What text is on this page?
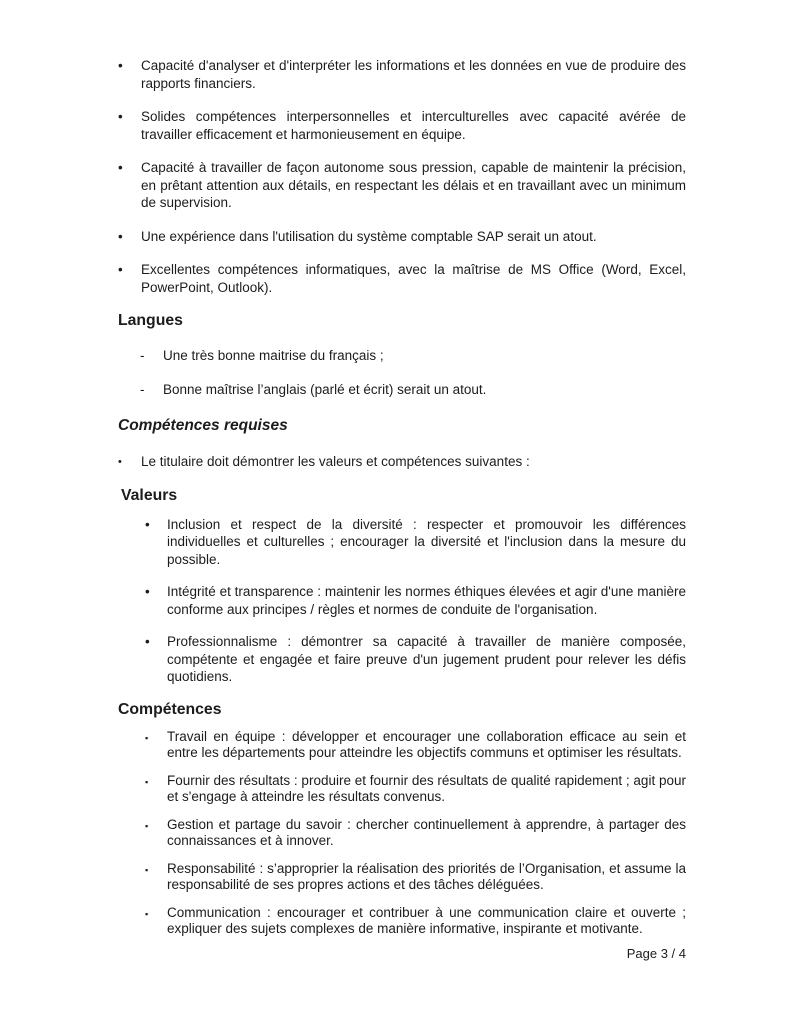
•	Capacité d'analyser et d'interpréter les informations et les données en vue de produire des rapports financiers.

•	Solides compétences interpersonnelles et interculturelles avec capacité avérée de travailler efficacement et harmonieusement en équipe.

•	Capacité à travailler de façon autonome sous pression, capable de maintenir la précision, en prêtant attention aux détails, en respectant les délais et en travaillant avec un minimum de supervision.

•	Une expérience dans l'utilisation du système comptable SAP serait un atout.

•	Excellentes compétences informatiques, avec la maîtrise de MS Office (Word, Excel, PowerPoint, Outlook).

Langues
-	Une très bonne maitrise du français ;

-	Bonne maîtrise l’anglais (parlé et écrit) serait un atout.

Compétences requises
•	Le titulaire doit démontrer les valeurs et compétences suivantes :

Valeurs
•	Inclusion et respect de la diversité : respecter et promouvoir les différences individuelles et culturelles ; encourager la diversité et l'inclusion dans la mesure du possible.

•	Intégrité et transparence : maintenir les normes éthiques élevées et agir d'une manière conforme aux principes / règles et normes de conduite de l'organisation.

•	Professionnalisme : démontrer sa capacité à travailler de manière composée, compétente et engagée et faire preuve d'un jugement prudent pour relever les défis quotidiens.

Compétences
▪	Travail en équipe : développer et encourager une collaboration efficace au sein et entre les départements pour atteindre les objectifs communs et optimiser les résultats.

▪	Fournir des résultats : produire et fournir des résultats de qualité rapidement ; agit pour et s'engage à atteindre les résultats convenus.

▪	Gestion et partage du savoir : chercher continuellement à apprendre, à partager des connaissances et à innover.

▪	Responsabilité : s’approprier la réalisation des priorités de l’Organisation, et assume la responsabilité de ses propres actions et des tâches déléguées.

▪	Communication : encourager et contribuer à une communication claire et ouverte ; expliquer des sujets complexes de manière informative, inspirante et motivante.

Page 3 / 4
